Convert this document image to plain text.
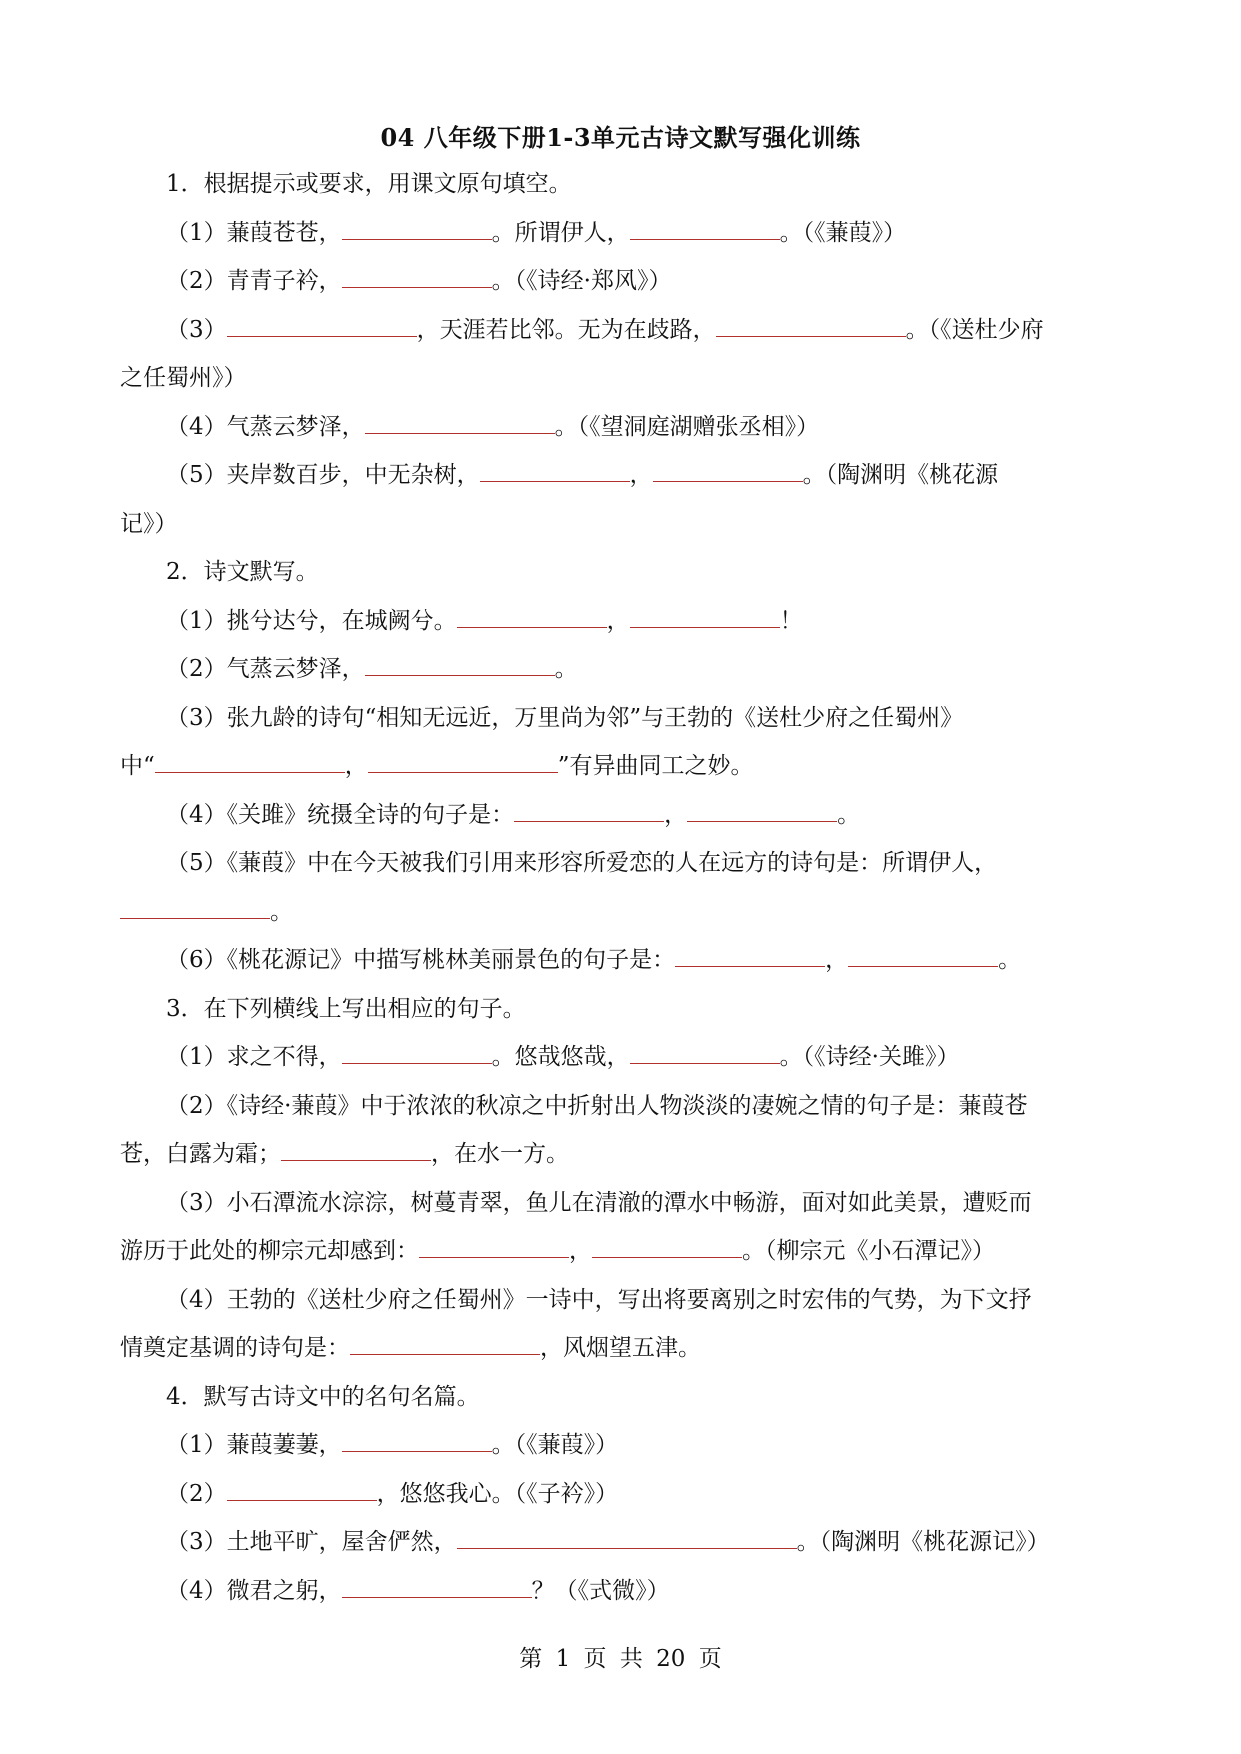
04 八年级下册1-3单元古诗文默写强化训练

1．根据提示或要求，用课文原句填空。

（1）蒹葭苍苍，	。所谓伊人，	。（《蒹葭》）

（2）青青子衿，	。（《诗经·郑风》）

（3）	，天涯若比邻。无为在歧路，	。（《送杜少府

之任蜀州》）

（4）气蒸云梦泽，	。（《望洞庭湖赠张丞相》）

（5）夹岸数百步，中无杂树，	，	。（陶渊明《桃花源

记》）

2．诗文默写。

（1）挑兮达兮，在城阙兮。	，	！

（2）气蒸云梦泽，	。

（3）张九龄的诗句“相知无远近，万里尚为邻”与王勃的《送杜少府之任蜀州》

中“	，	”有异曲同工之妙。

（4）《关雎》统摄全诗的句子是：	，	。

（5）《蒹葭》中在今天被我们引用来形容所爱恋的人在远方的诗句是：所谓伊人，

。

（6）《桃花源记》中描写桃林美丽景色的句子是：	，	。

3．在下列横线上写出相应的句子。

（1）求之不得，	。悠哉悠哉，	。（《诗经·关雎》）

（2）《诗经·蒹葭》中于浓浓的秋凉之中折射出人物淡淡的凄婉之情的句子是：蒹葭苍

苍，白露为霜；	，在水一方。

（3）小石潭流水淙淙，树蔓青翠，鱼儿在清澈的潭水中畅游，面对如此美景，遭贬而

游历于此处的柳宗元却感到：	，	。（柳宗元《小石潭记》）

（4）王勃的《送杜少府之任蜀州》一诗中，写出将要离别之时宏伟的气势，为下文抒

情奠定基调的诗句是：	，风烟望五津。

4．默写古诗文中的名句名篇。

（1）蒹葭萋萋，	。（《蒹葭》）

（2）	，悠悠我心。（《子衿》）

（3）土地平旷，屋舍俨然，	。（陶渊明《桃花源记》）

（4）微君之躬，	？（《式微》）

第 1 页 共 20 页
